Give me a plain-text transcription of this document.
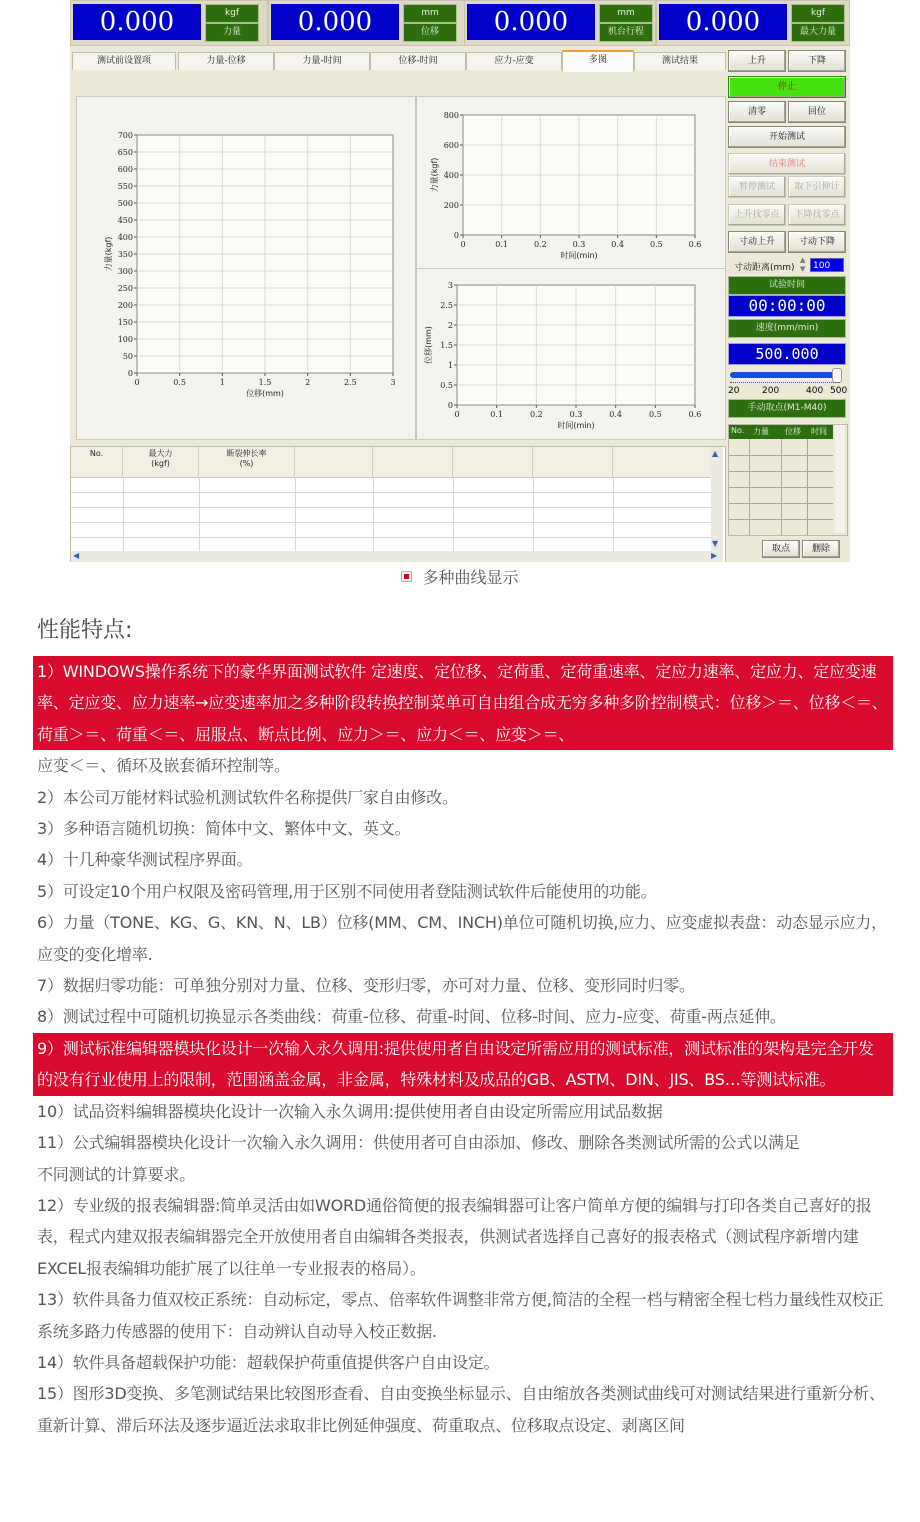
0.000	kgf
力量	0.000	mm
位移	0.000	mm
机台行程	0.000	kgf
最大力量
测试前设置项	力量-位移	力量-时间	位移-时间	应力-应变	多图	测试结果
0	0.5	1	1.5	2	2.5	3
0
50
100
150
200
250
300
350
400
450
500
550
600
650
700
位移(mm)
力量(kgf)	0	0.1	0.2	0.3	0.4	0.5	0.6
0
200
400
600
800
时间(min)
力量(kgf)
0	0.1	0.2	0.3	0.4	0.5	0.6
0
0.5
1
1.5
2
2.5
3
时间(min)
位移(mm)
No.	最大力
(kgf)
断裂伸长率
(%)
▲
▼
◀	▶
上升	下降
停止
清零	回位
开始测试
结束测试
暂停测试	取下引伸计
上升找零点	下降找零点
寸动上升	寸动下降
寸动距离(mm)
▲
▼ 100
试验时间
00:00:00
速度(mm/min)
500.000
20	200	400 500
手动取点(M1-M40)
No. 力量 位移 时间
取点	删除
多种曲线显示
性能特点:
1）WINDOWS操作系统下的豪华界面测试软件 定速度、定位移、定荷重、定荷重速率、定应力速率、定应力、定应变速率、定应变、应力速率→应变速率加之多种阶段转换控制菜单可自由组合成无穷多种多阶控制模式：位移＞＝、位移＜＝、荷重＞＝、荷重＜＝、屈服点、断点比例、应力＞＝、应力＜＝、应变＞＝、
应变＜＝、循环及嵌套循环控制等。
2）本公司万能材料试验机测试软件名称提供厂家自由修改。
3）多种语言随机切换：简体中文、繁体中文、英文。
4）十几种豪华测试程序界面。
5）可设定10个用户权限及密码管理,用于区别不同使用者登陆测试软件后能使用的功能。
6）力量（TONE、KG、G、KN、N、LB）位移(MM、CM、INCH)单位可随机切换,应力、应变虚拟表盘：动态显示应力，应变的变化增率.
7）数据归零功能：可单独分别对力量、位移、变形归零，亦可对力量、位移、变形同时归零。
8）测试过程中可随机切换显示各类曲线：荷重-位移、荷重-时间、位移-时间、应力-应变、荷重-两点延伸。
9）测试标准编辑器模块化设计一次输入永久调用:提供使用者自由设定所需应用的测试标准，测试标准的架构是完全开发的没有行业使用上的限制，范围涵盖金属，非金属，特殊材料及成品的GB、ASTM、DIN、JIS、BS…等测试标准。
10）试品资料编辑器模块化设计一次输入永久调用:提供使用者自由设定所需应用试品数据
11）公式编辑器模块化设计一次输入永久调用：供使用者可自由添加、修改、删除各类测试所需的公式以满足
不同测试的计算要求。
12）专业级的报表编辑器:简单灵活由如WORD通俗简便的报表编辑器可让客户简单方便的编辑与打印各类自己喜好的报表，程式内建双报表编辑器完全开放使用者自由编辑各类报表，供测试者选择自己喜好的报表格式（测试程序新增内建EXCEL报表编辑功能扩展了以往单一专业报表的格局）。
13）软件具备力值双校正系统：自动标定，零点、倍率软件调整非常方便,简洁的全程一档与精密全程七档力量线性双校正系统多路力传感器的使用下：自动辨认自动导入校正数据.
14）软件具备超载保护功能：超载保护荷重值提供客户自由设定。
15）图形3D变换、多笔测试结果比较图形查看、自由变换坐标显示、自由缩放各类测试曲线可对测试结果进行重新分析、重新计算、滞后环法及逐步逼近法求取非比例延伸强度、荷重取点、位移取点设定、剥离区间
